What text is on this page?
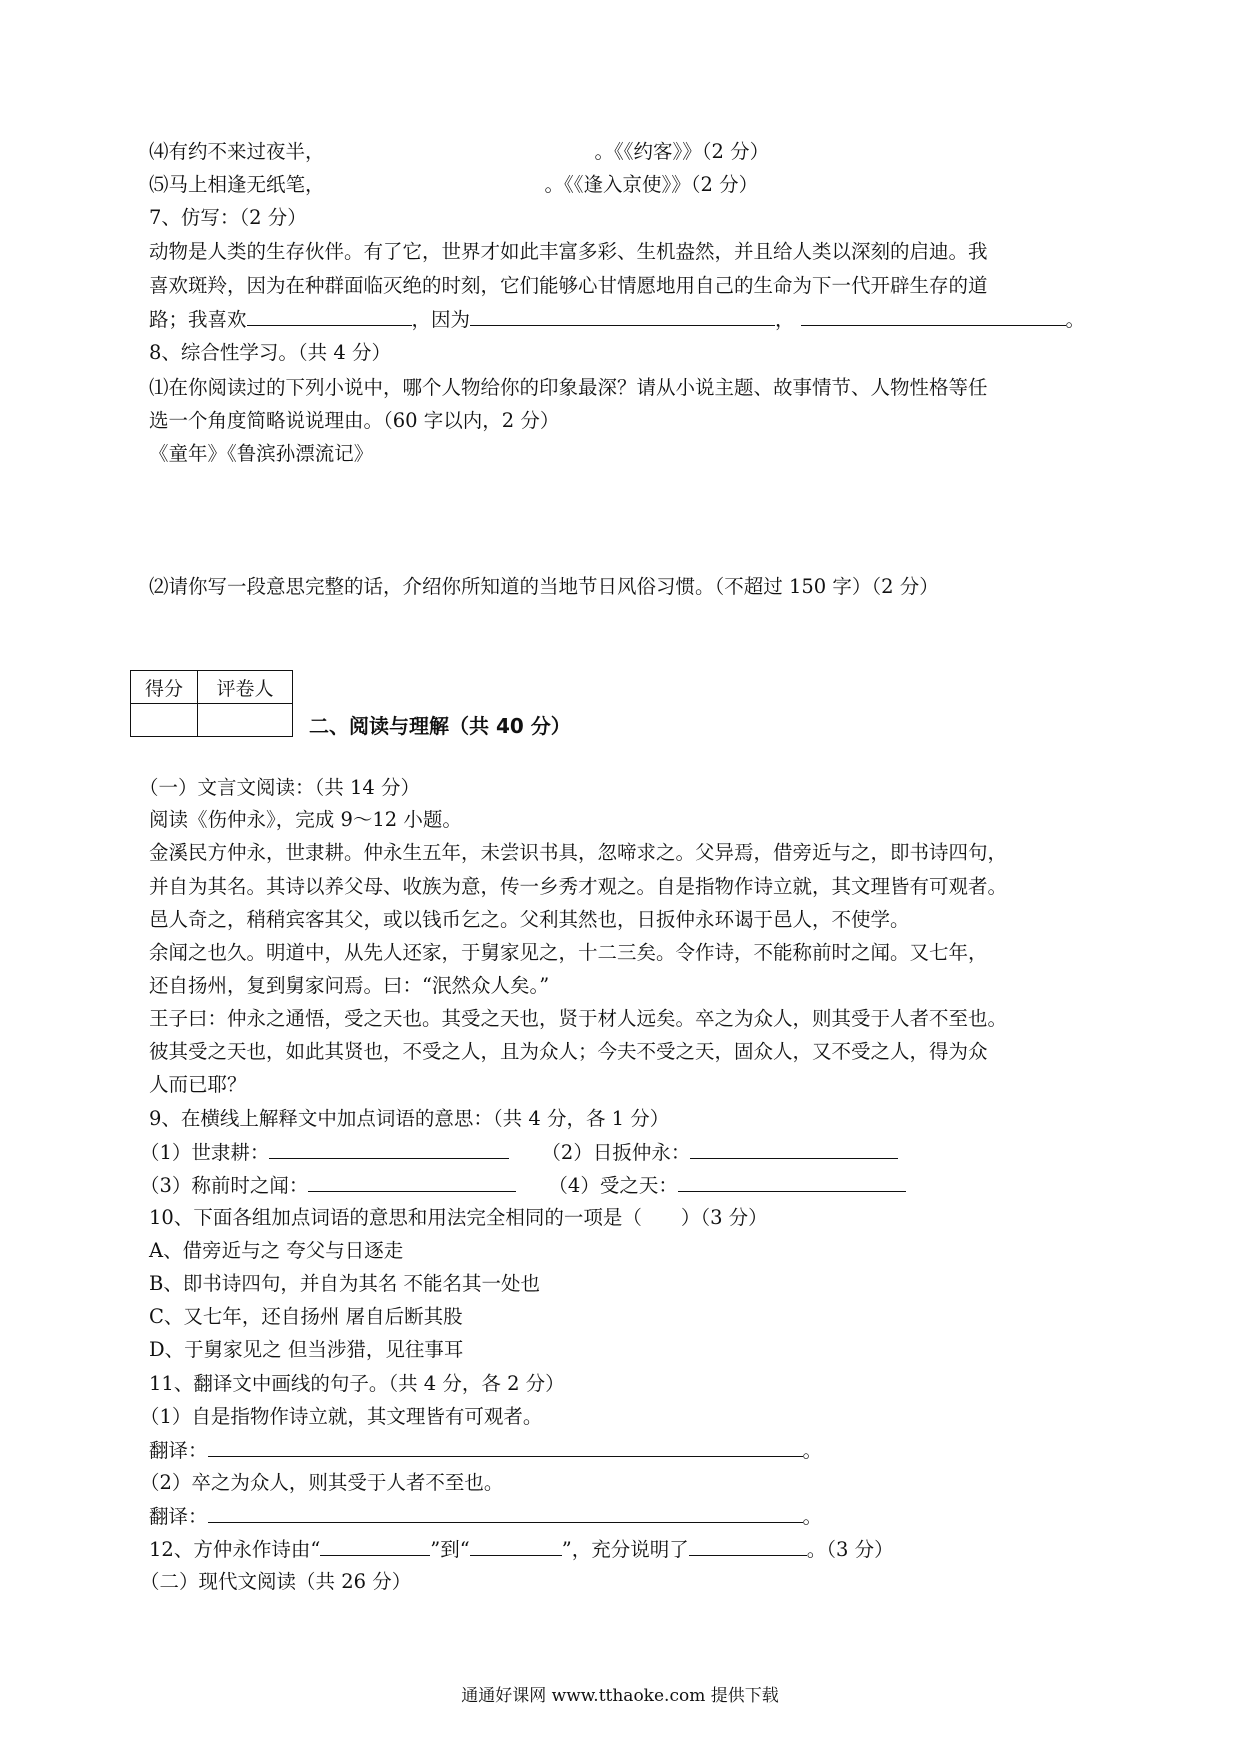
⑷有约不来过夜半，	。《《约客》》（2 分）

⑸马上相逢无纸笔，	。《《逢入京使》》（2 分）

7、仿写：（2 分）

动物是人类的生存伙伴。有了它，世界才如此丰富多彩、生机盎然，并且给人类以深刻的启迪。我

喜欢斑羚，因为在种群面临灭绝的时刻，它们能够心甘情愿地用自己的生命为下一代开辟生存的道

路；我喜欢	，因为	，	。

8、综合性学习。（共 4 分）

⑴在你阅读过的下列小说中，哪个人物给你的印象最深？请从小说主题、故事情节、人物性格等任

选一个角度简略说说理由。（60 字以内，2 分）

《童年》《鲁滨孙漂流记》

⑵请你写一段意思完整的话，介绍你所知道的当地节日风俗习惯。（不超过 150 字）（2 分）

得分	评卷人

二、阅读与理解（共 40 分）

（一）文言文阅读：（共 14 分）

阅读《伤仲永》，完成 9～12 小题。

金溪民方仲永，世隶耕。仲永生五年，未尝识书具，忽啼求之。父异焉，借旁近与之，即书诗四句，

并自为其名。其诗以养父母、收族为意，传一乡秀才观之。自是指物作诗立就，其文理皆有可观者。

邑人奇之，稍稍宾客其父，或以钱币乞之。父利其然也，日扳仲永环谒于邑人，不使学。

余闻之也久。明道中，从先人还家，于舅家见之，十二三矣。令作诗，不能称前时之闻。又七年，

还自扬州，复到舅家问焉。曰：“泯然众人矣。”

王子曰：仲永之通悟，受之天也。其受之天也，贤于材人远矣。卒之为众人，则其受于人者不至也。

彼其受之天也，如此其贤也，不受之人，且为众人；今夫不受之天，固众人，又不受之人，得为众

人而已耶？

9、在横线上解释文中加点词语的意思：（共 4 分，各 1 分）

（1）世隶耕：	（2）日扳仲永：

（3）称前时之闻：	（4）受之天：

10、下面各组加点词语的意思和用法完全相同的一项是（　　）（3 分）

A、借旁近与之 夸父与日逐走

B、即书诗四句，并自为其名 不能名其一处也

C、又七年，还自扬州 屠自后断其股

D、于舅家见之 但当涉猎，见往事耳

11、翻译文中画线的句子。（共 4 分，各 2 分）

（1）自是指物作诗立就，其文理皆有可观者。

翻译：	。

（2）卒之为众人，则其受于人者不至也。

翻译：	。

12、方仲永作诗由“	”到“	”，充分说明了	。（3 分）

（二）现代文阅读（共 26 分）

通通好课网 www.tthaoke.com 提供下载
